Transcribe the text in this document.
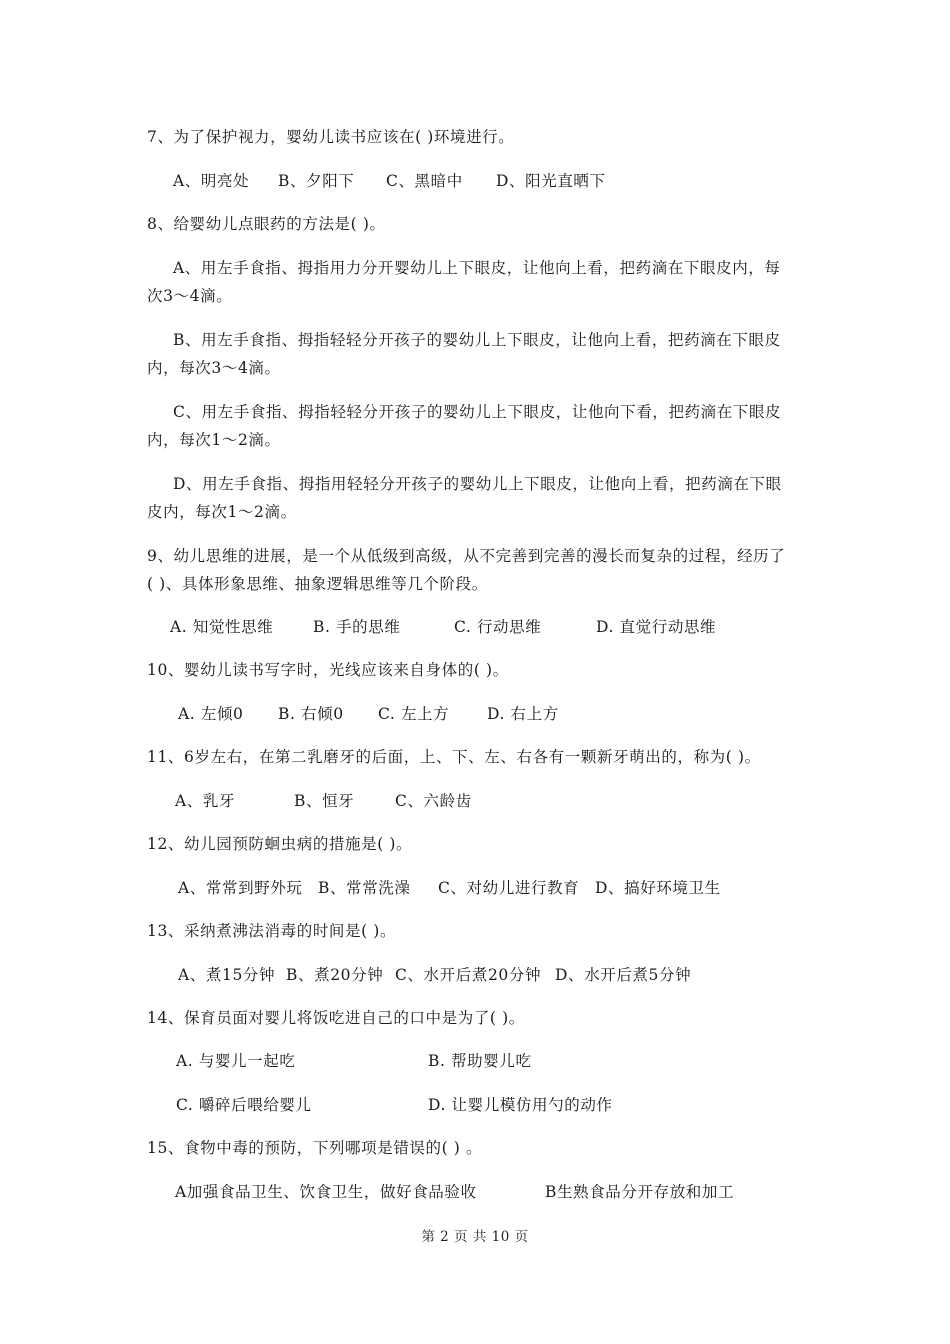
7、为了保护视力，婴幼儿读书应该在( )环境进行。
A、明亮处 B、夕阳下 C、黑暗中 D、阳光直晒下
8、给婴幼儿点眼药的方法是( )。
A、用左手食指、拇指用力分开婴幼儿上下眼皮，让他向上看，把药滴在下眼皮内，每
次3～4滴。
B、用左手食指、拇指轻轻分开孩子的婴幼儿上下眼皮，让他向上看，把药滴在下眼皮
内，每次3～4滴。
C、用左手食指、拇指轻轻分开孩子的婴幼儿上下眼皮，让他向下看，把药滴在下眼皮
内，每次1～2滴。
D、用左手食指、拇指用轻轻分开孩子的婴幼儿上下眼皮，让他向上看，把药滴在下眼
皮内，每次1～2滴。
9、幼儿思维的进展，是一个从低级到高级，从不完善到完善的漫长而复杂的过程，经历了
( )、具体形象思维、抽象逻辑思维等几个阶段。
A. 知觉性思维	B. 手的思维	C. 行动思维	D. 直觉行动思维
10、婴幼儿读书写字时，光线应该来自身体的( )。
A. 左倾0 B. 右倾0 C. 左上方 D. 右上方
11、6岁左右，在第二乳磨牙的后面，上、下、左、右各有一颗新牙萌出的，称为( )。
A、乳牙	B、恒牙	C、六龄齿
12、幼儿园预防蛔虫病的措施是( )。
A、常常到野外玩 B、常常洗澡 C、对幼儿进行教育 D、搞好环境卫生
13、采纳煮沸法消毒的时间是( )。
A、煮15分钟 B、煮20分钟 C、水开后煮20分钟 D、水开后煮5分钟
14、保育员面对婴儿将饭吃进自己的口中是为了( )。
A. 与婴儿一起吃	B. 帮助婴儿吃
C. 嚼碎后喂给婴儿	D. 让婴儿模仿用勺的动作
15、食物中毒的预防，下列哪项是错误的( ) 。
A加强食品卫生、饮食卫生，做好食品验收	B生熟食品分开存放和加工
第 2 页 共 10 页
